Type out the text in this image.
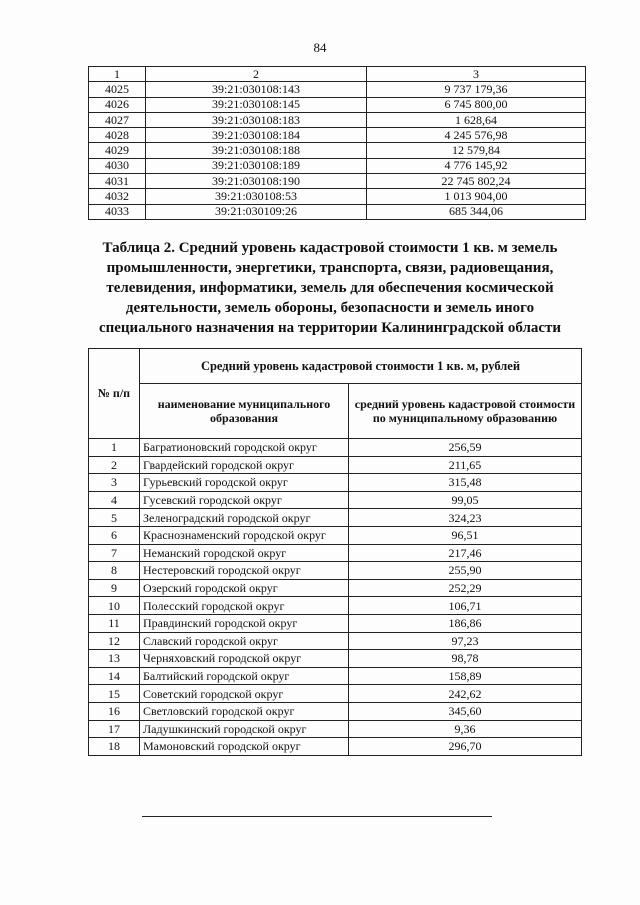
84
1	2	3
4025	39:21:030108:143	9 737 179,36
4026	39:21:030108:145	6 745 800,00
4027	39:21:030108:183	1 628,64
4028	39:21:030108:184	4 245 576,98
4029	39:21:030108:188	12 579,84
4030	39:21:030108:189	4 776 145,92
4031	39:21:030108:190	22 745 802,24
4032	39:21:030108:53	1 013 904,00
4033	39:21:030109:26	685 344,06
Таблица 2. Средний уровень кадастровой стоимости 1 кв. м земель промышленности, энергетики, транспорта, связи, радиовещания, телевидения, информатики, земель для обеспечения космической деятельности, земель обороны, безопасности и земель иного специального назначения на территории Калининградской области
№ п/п	Средний уровень кадастровой стоимости 1 кв. м, рублей	
	наименование муниципального образования	средний уровень кадастровой стоимости по муниципальному образованию
1	Багратионовский городской округ	256,59
2	Гвардейский городской округ	211,65
3	Гурьевский городской округ	315,48
4	Гусевский городской округ	99,05
5	Зеленоградский городской округ	324,23
6	Краснознаменский городской округ	96,51
7	Неманский городской округ	217,46
8	Нестеровский городской округ	255,90
9	Озерский городской округ	252,29
10	Полесский городской округ	106,71
11	Правдинский городской округ	186,86
12	Славский городской округ	97,23
13	Черняховский городской округ	98,78
14	Балтийский городской округ	158,89
15	Советский городской округ	242,62
16	Светловский городской округ	345,60
17	Ладушкинский городской округ	9,36
18	Мамоновский городской округ	296,70
